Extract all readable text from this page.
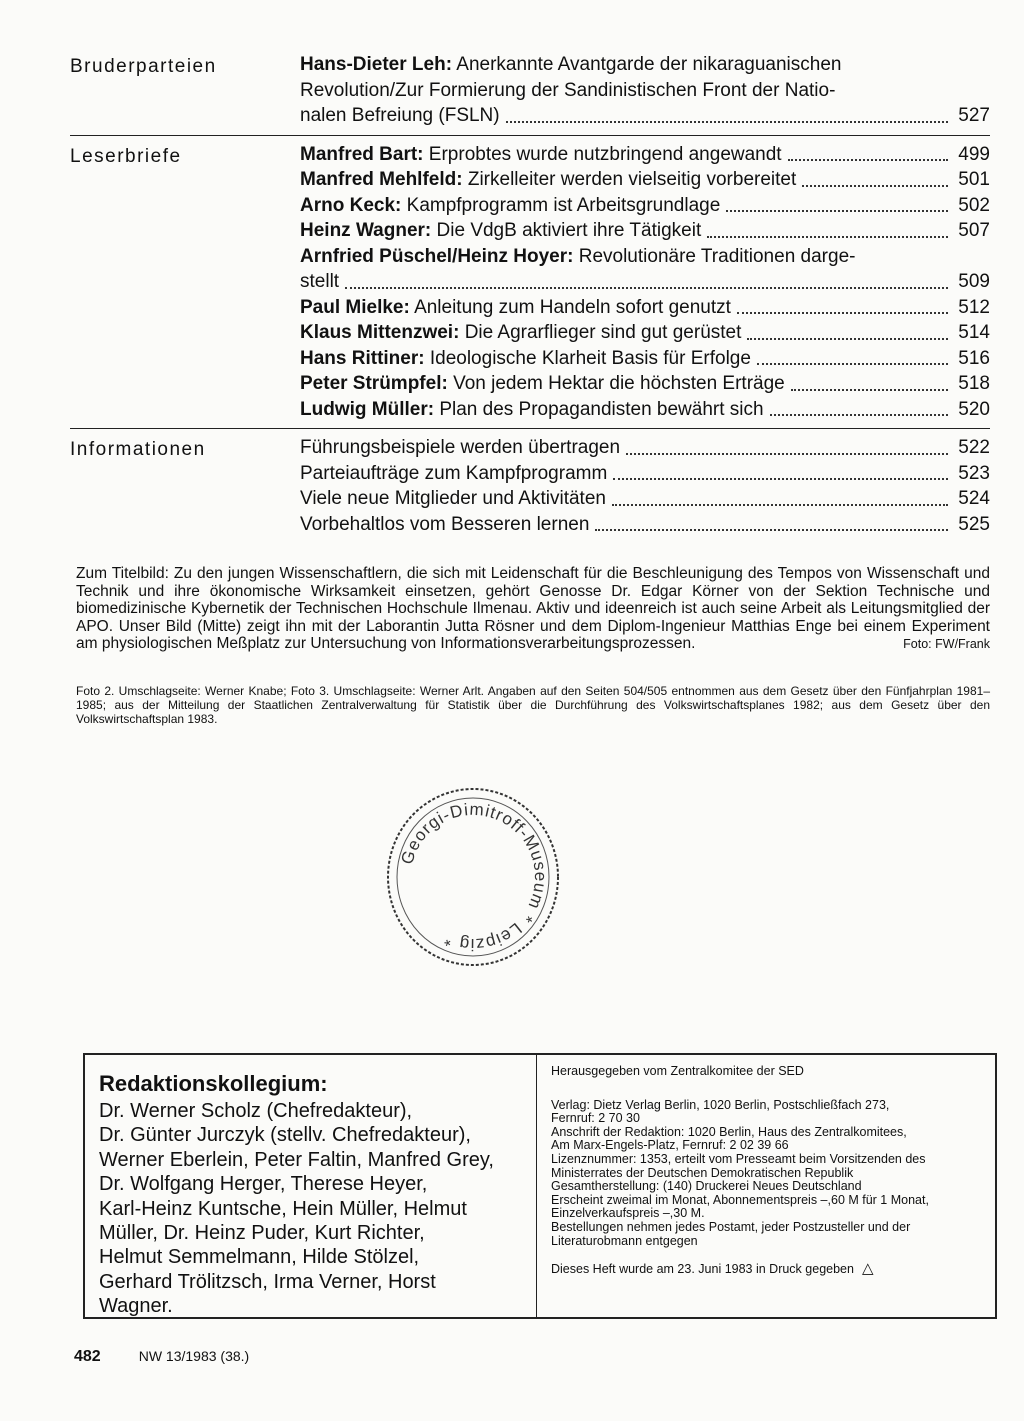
Bruderparteien	Hans-Dieter Leh: Anerkannte Avantgarde der nikaraguanischen
Revolution/Zur Formierung der Sandinistischen Front der Natio-
nalen Befreiung (FSLN)	527
Leserbriefe	Manfred Bart: Erprobtes wurde nutzbringend angewandt	499
Manfred Mehlfeld: Zirkelleiter werden vielseitig vorbereitet	501
Arno Keck: Kampfprogramm ist Arbeitsgrundlage	502
Heinz Wagner: Die VdgB aktiviert ihre Tätigkeit	507
Arnfried Püschel/Heinz Hoyer: Revolutionäre Traditionen darge-
stellt	509
Paul Mielke: Anleitung zum Handeln sofort genutzt	512
Klaus Mittenzwei: Die Agrarflieger sind gut gerüstet	514
Hans Rittiner: Ideologische Klarheit Basis für Erfolge	516
Peter Strümpfel: Von jedem Hektar die höchsten Erträge	518
Ludwig Müller: Plan des Propagandisten bewährt sich	520
Informationen	Führungsbeispiele werden übertragen	522
Parteiaufträge zum Kampfprogramm	523
Viele neue Mitglieder und Aktivitäten	524
Vorbehaltlos vom Besseren lernen	525
Zum Titelbild: Zu den jungen Wissenschaftlern, die sich mit Leidenschaft für die Beschleunigung des Tempos von Wissenschaft und Technik und ihre ökonomische Wirksamkeit einsetzen, gehört Genosse Dr. Edgar Körner von der Sektion Technische und biomedizinische Kybernetik der Technischen Hochschule Ilmenau. Aktiv und ideenreich ist auch seine Arbeit als Leitungsmitglied der APO. Unser Bild (Mitte) zeigt ihn mit der Laborantin Jutta Rösner und dem Diplom-Ingenieur Matthias Enge bei einem Experiment am physiologischen Meßplatz zur Untersuchung von Informationsverarbeitungsprozessen.	Foto: FW/Frank
Foto 2. Umschlagseite: Werner Knabe; Foto 3. Umschlagseite: Werner Arlt. Angaben auf den Seiten 504/505 entnommen aus dem Gesetz über den Fünfjahrplan 1981–1985; aus der Mitteilung der Staatlichen Zentralverwaltung für Statistik über die Durchführung des Volkswirtschaftsplanes 1982; aus dem Gesetz über den Volkswirtschaftsplan 1983.
Georgi-Dimitroff-Museum * Leipzig *
Redaktionskollegium:
Dr. Werner Scholz (Chefredakteur),
Dr. Günter Jurczyk (stellv. Chefredakteur),
Werner Eberlein, Peter Faltin, Manfred Grey,
Dr. Wolfgang Herger, Therese Heyer,
Karl-Heinz Kuntsche, Hein Müller, Helmut
Müller, Dr. Heinz Puder, Kurt Richter,
Helmut Semmelmann, Hilde Stölzel,
Gerhard Trölitzsch, Irma Verner, Horst
Wagner.
Herausgegeben vom Zentralkomitee der SED
Verlag: Dietz Verlag Berlin, 1020 Berlin, Postschließfach 273,
Fernruf: 2 70 30
Anschrift der Redaktion: 1020 Berlin, Haus des Zentralkomitees,
Am Marx-Engels-Platz, Fernruf: 2 02 39 66
Lizenznummer: 1353, erteilt vom Presseamt beim Vorsitzenden des
Ministerrates der Deutschen Demokratischen Republik
Gesamtherstellung: (140) Druckerei Neues Deutschland
Erscheint zweimal im Monat, Abonnementspreis –,60 M für 1 Monat,
Einzelverkaufspreis –,30 M.
Bestellungen nehmen jedes Postamt, jeder Postzusteller und der
Literaturobmann entgegen
Dieses Heft wurde am 23. Juni 1983 in Druck gegeben △
482	NW 13/1983 (38.)
